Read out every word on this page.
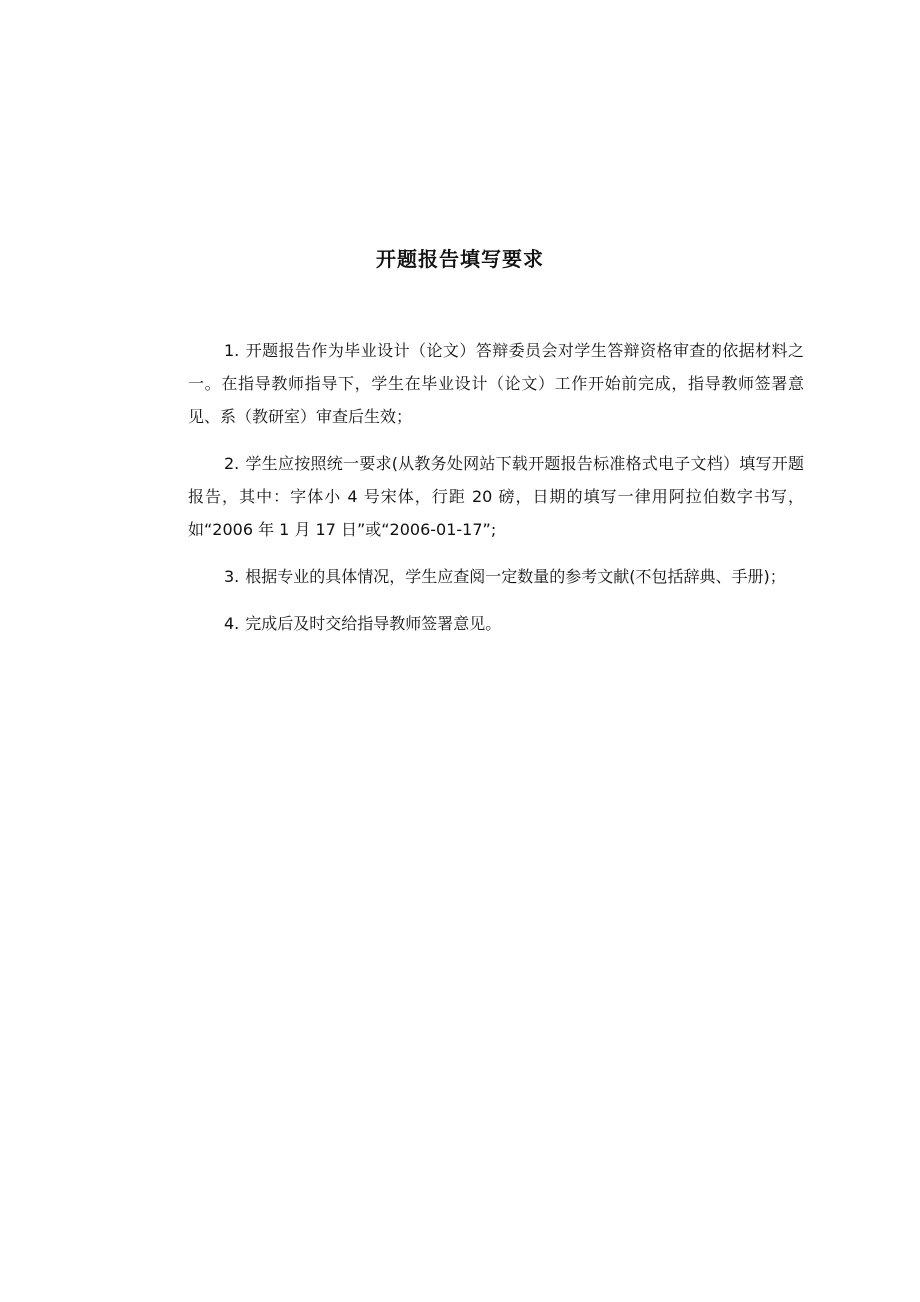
开题报告填写要求

1. 开题报告作为毕业设计（论文）答辩委员会对学生答辩资格审查的依据材料之一。在指导教师指导下，学生在毕业设计（论文）工作开始前完成，指导教师签署意见、系（教研室）审查后生效；

2. 学生应按照统一要求(从教务处网站下载开题报告标准格式电子文档）填写开题报告，其中：字体小 4 号宋体，行距 20 磅，日期的填写一律用阿拉伯数字书写，如“2006 年 1 月 17 日”或“2006-01-17”;

3. 根据专业的具体情况，学生应查阅一定数量的参考文献(不包括辞典、手册)；

4. 完成后及时交给指导教师签署意见。
